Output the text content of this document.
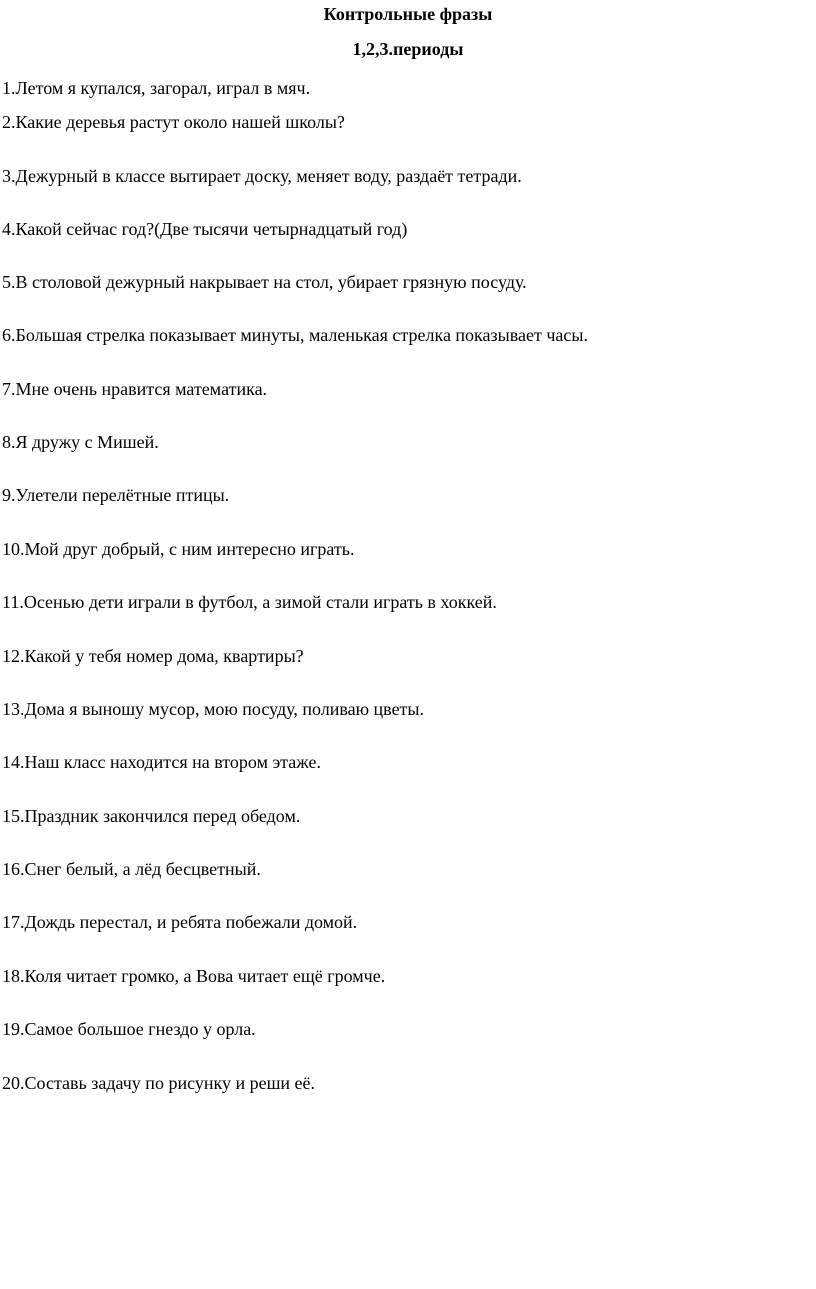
Контрольные фразы
1,2,3.периоды
1.Летом я купался, загорал, играл в мяч.
2.Какие деревья растут около нашей школы?
3.Дежурный в классе вытирает доску, меняет воду, раздаёт тетради.
4.Какой сейчас год?(Две тысячи четырнадцатый год)
5.В столовой дежурный накрывает на стол, убирает грязную посуду.
6.Большая стрелка показывает минуты, маленькая стрелка показывает часы.
7.Мне очень нравится математика.
8.Я дружу с Мишей.
9.Улетели перелётные птицы.
10.Мой друг добрый, с ним интересно играть.
11.Осенью дети играли в футбол, а зимой стали играть в хоккей.
12.Какой у тебя номер дома, квартиры?
13.Дома я выношу мусор, мою посуду, поливаю цветы.
14.Наш класс находится на втором этаже.
15.Праздник закончился перед обедом.
16.Снег белый, а лёд бесцветный.
17.Дождь перестал, и ребята побежали домой.
18.Коля читает громко, а Вова читает ещё громче.
19.Самое большое гнездо у орла.
20.Составь задачу по рисунку и реши её.
